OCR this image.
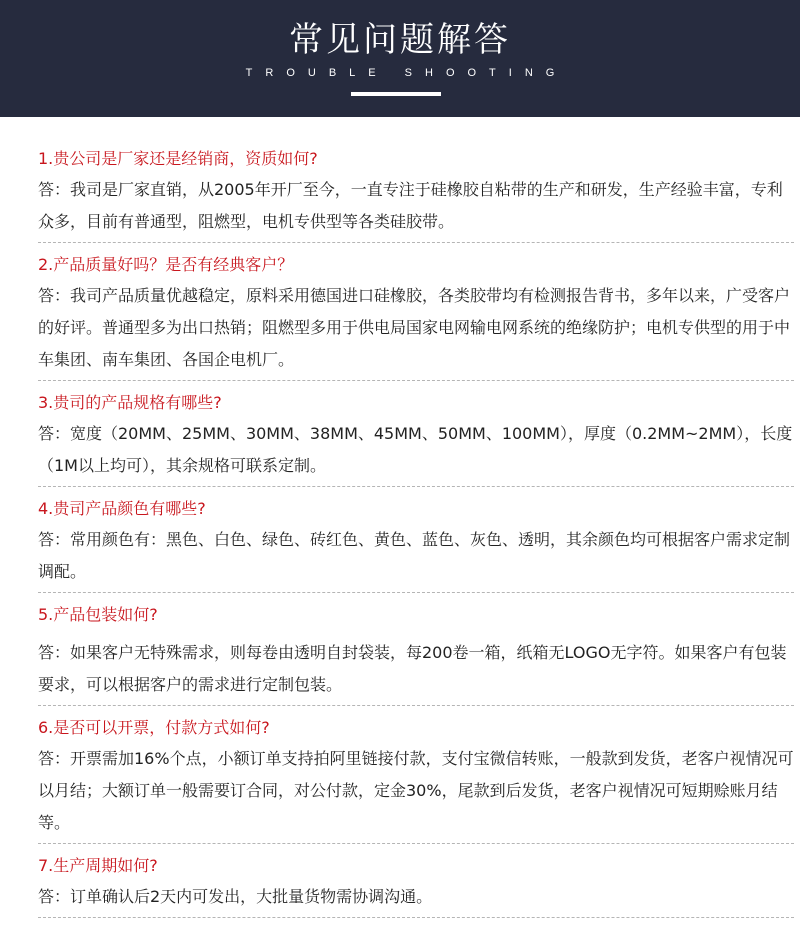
常见问题解答
TROUBLE SHOOTING
1.贵公司是厂家还是经销商，资质如何?
答：我司是厂家直销，从2005年开厂至今，一直专注于硅橡胶自粘带的生产和研发，生产经验丰富，专利众多，目前有普通型，阻燃型，电机专供型等各类硅胶带。
2.产品质量好吗？是否有经典客户？
答：我司产品质量优越稳定，原料采用德国进口硅橡胶，各类胶带均有检测报告背书，多年以来，广受客户的好评。普通型多为出口热销；阻燃型多用于供电局国家电网输电网系统的绝缘防护；电机专供型的用于中车集团、南车集团、各国企电机厂。
3.贵司的产品规格有哪些?
答：宽度（20MM、25MM、30MM、38MM、45MM、50MM、100MM），厚度（0.2MM~2MM），长度（1M以上均可），其余规格可联系定制。
4.贵司产品颜色有哪些?
答：常用颜色有：黑色、白色、绿色、砖红色、黄色、蓝色、灰色、透明，其余颜色均可根据客户需求定制调配。
5.产品包装如何?
答：如果客户无特殊需求，则每卷由透明自封袋装，每200卷一箱，纸箱无LOGO无字符。如果客户有包装要求，可以根据客户的需求进行定制包装。
6.是否可以开票，付款方式如何?
答：开票需加16%个点，小额订单支持拍阿里链接付款，支付宝微信转账，一般款到发货，老客户视情况可以月结；大额订单一般需要订合同，对公付款，定金30%，尾款到后发货，老客户视情况可短期赊账月结等。
7.生产周期如何?
答：订单确认后2天内可发出，大批量货物需协调沟通。
